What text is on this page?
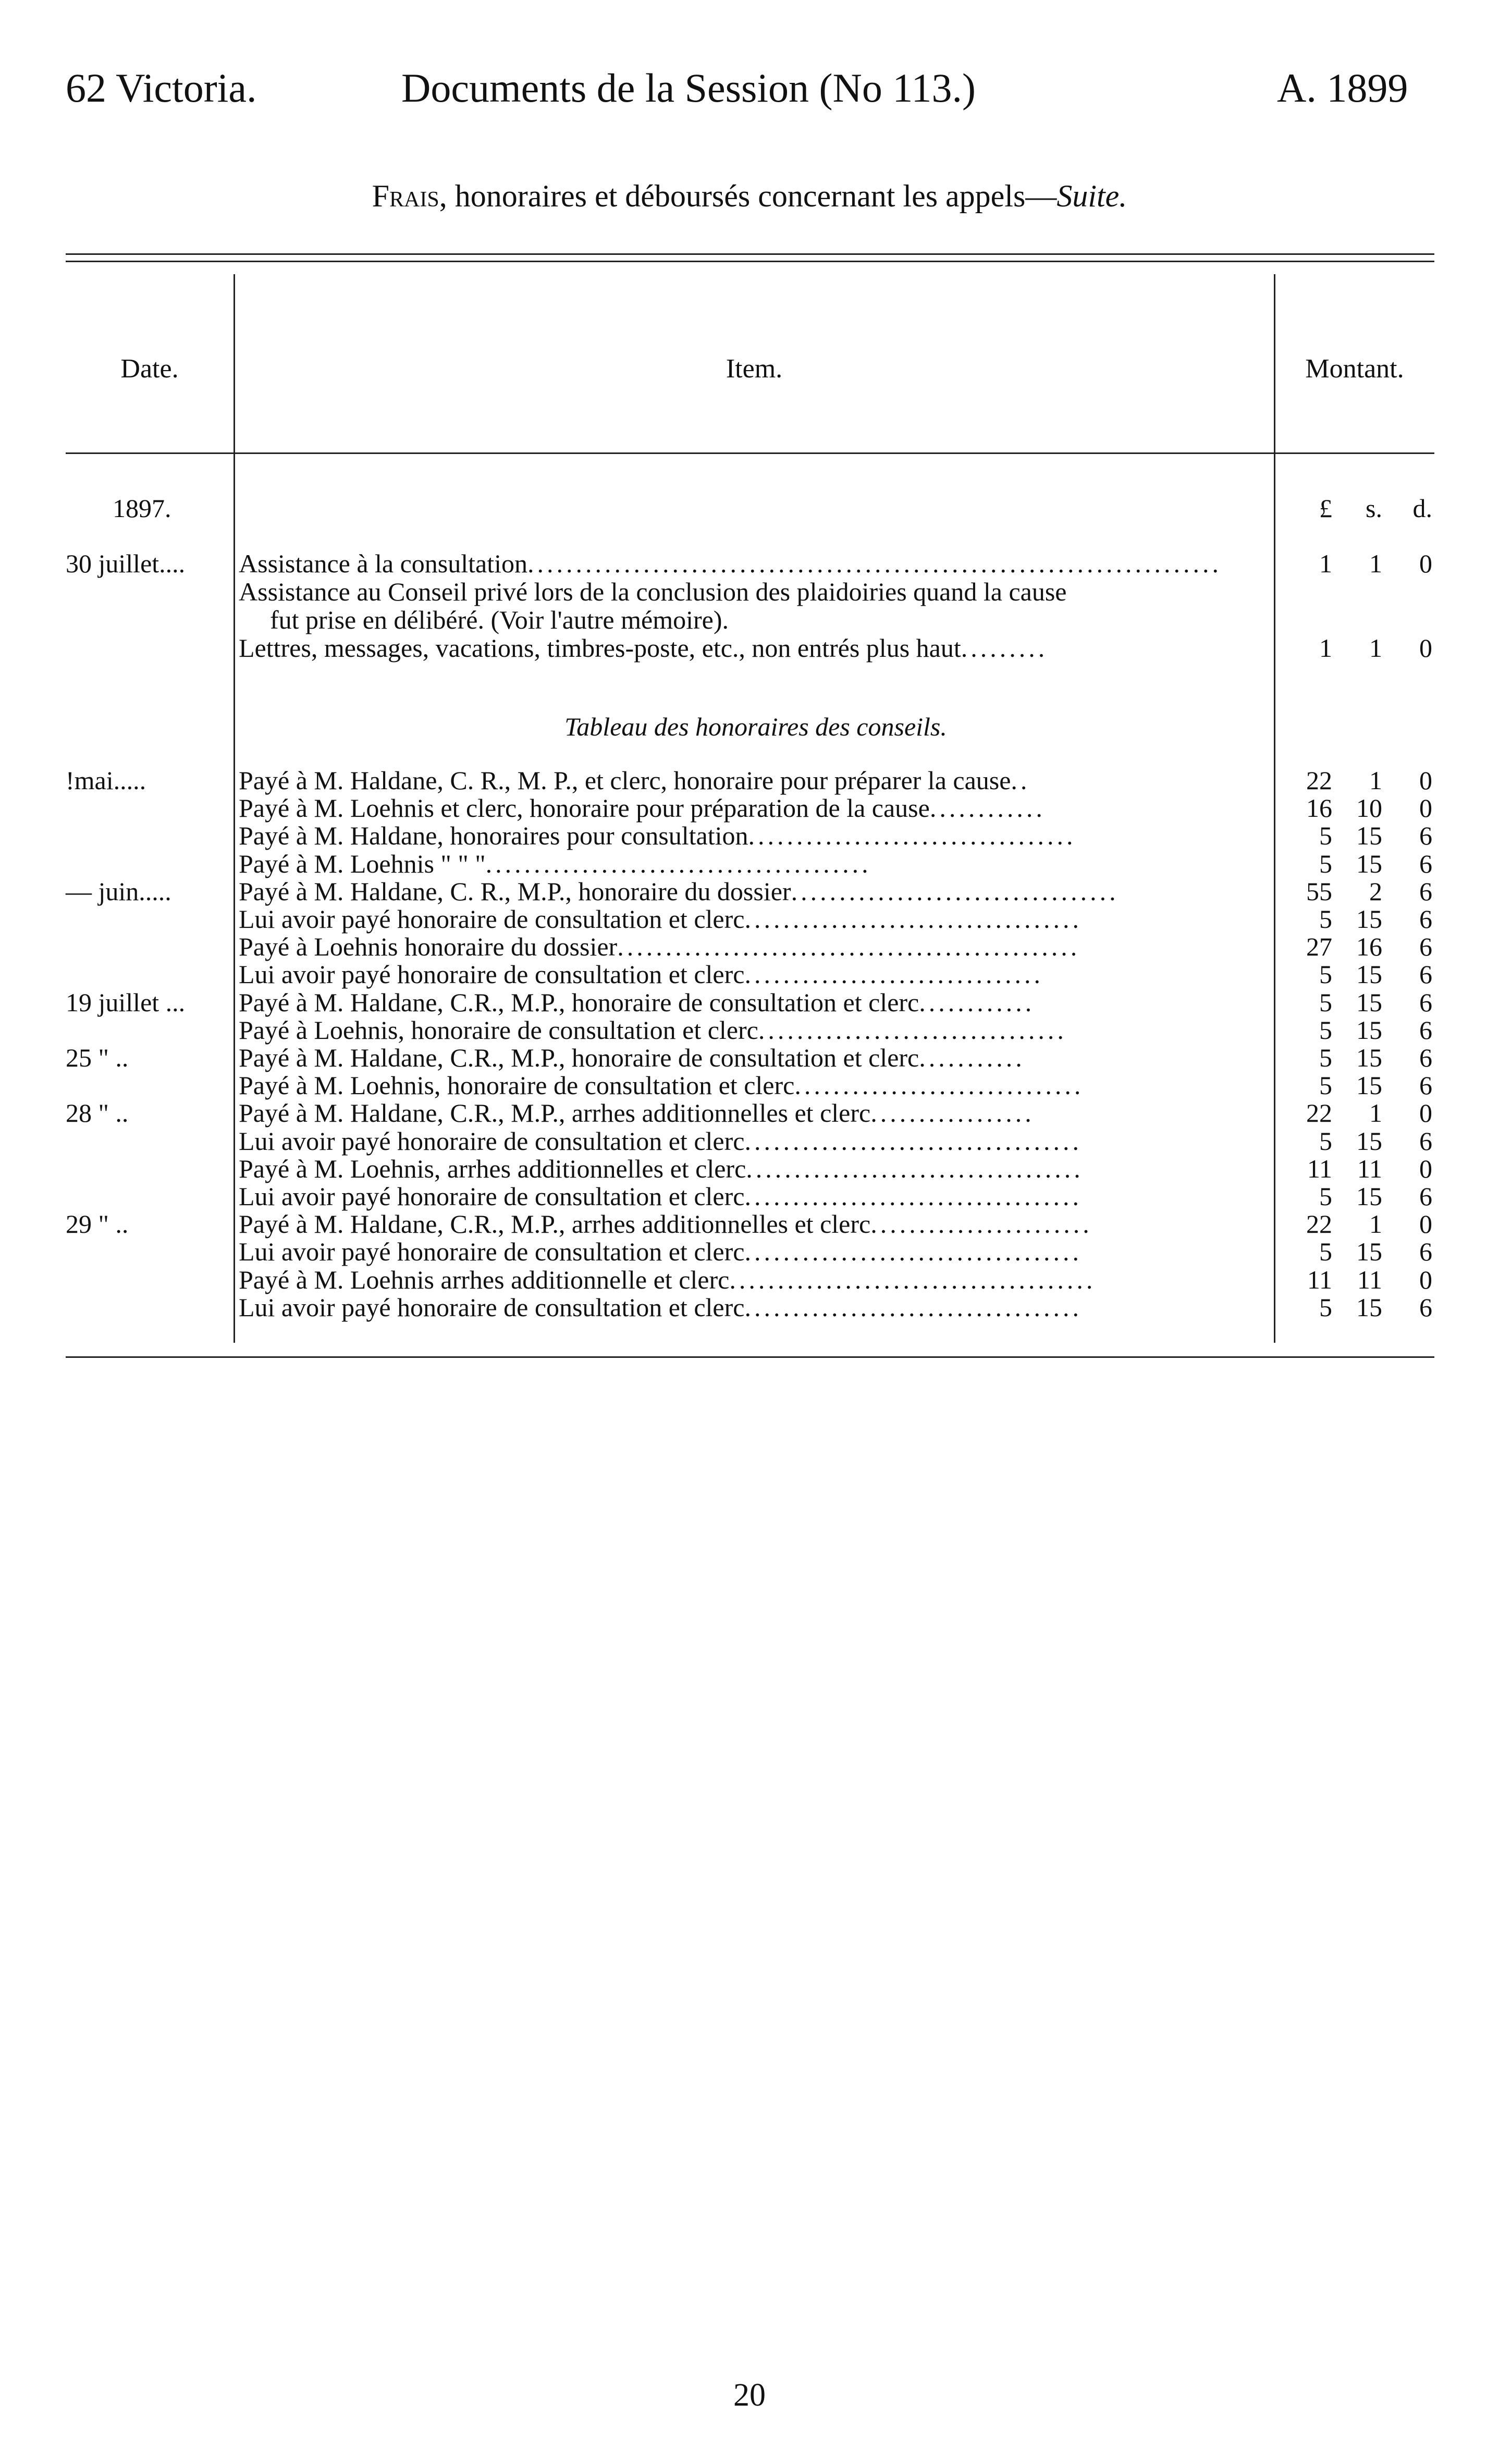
62 Victoria.	Documents de la Session (No 113.)	A. 1899
Frais, honoraires et déboursés concernant les appels—Suite.
Date.	Item.	Montant.
1897.	£	s.	d.
30 juillet....	Assistance à la consultation........................................................................	1	1	0
Assistance au Conseil privé lors de la conclusion des plaidoiries quand la cause
fut prise en délibéré. (Voir l'autre mémoire).
Lettres, messages, vacations, timbres-poste, etc., non entrés plus haut.........	1	1	0
Tableau des honoraires des conseils.
!mai.....	Payé à M. Haldane, C. R., M. P., et clerc, honoraire pour préparer la cause..	22	1	0
Payé à M. Loehnis et clerc, honoraire pour préparation de la cause............	16 10	0
Payé à M. Haldane, honoraires pour consultation..................................	5 15	6
Payé à M. Loehnis " " "........................................	5 15	6
— juin.....	Payé à M. Haldane, C. R., M.P., honoraire du dossier..................................	55	2	6
Lui avoir payé honoraire de consultation et clerc...................................	5 15	6
Payé à Loehnis honoraire du dossier................................................	27 16	6
Lui avoir payé honoraire de consultation et clerc...............................	5 15	6
19 juillet ...	Payé à M. Haldane, C.R., M.P., honoraire de consultation et clerc............	5 15	6
Payé à Loehnis, honoraire de consultation et clerc................................	5 15	6
25 " ..	Payé à M. Haldane, C.R., M.P., honoraire de consultation et clerc...........	5 15	6
Payé à M. Loehnis, honoraire de consultation et clerc..............................	5 15	6
28 " ..	Payé à M. Haldane, C.R., M.P., arrhes additionnelles et clerc.................	22	1	0
Lui avoir payé honoraire de consultation et clerc...................................	5 15	6
Payé à M. Loehnis, arrhes additionnelles et clerc...................................	11 11	0
Lui avoir payé honoraire de consultation et clerc...................................	5 15	6
29 " ..	Payé à M. Haldane, C.R., M.P., arrhes additionnelles et clerc.......................	22	1	0
Lui avoir payé honoraire de consultation et clerc...................................	5 15	6
Payé à M. Loehnis arrhes additionnelle et clerc......................................	11 11	0
Lui avoir payé honoraire de consultation et clerc...................................	5 15	6
20
